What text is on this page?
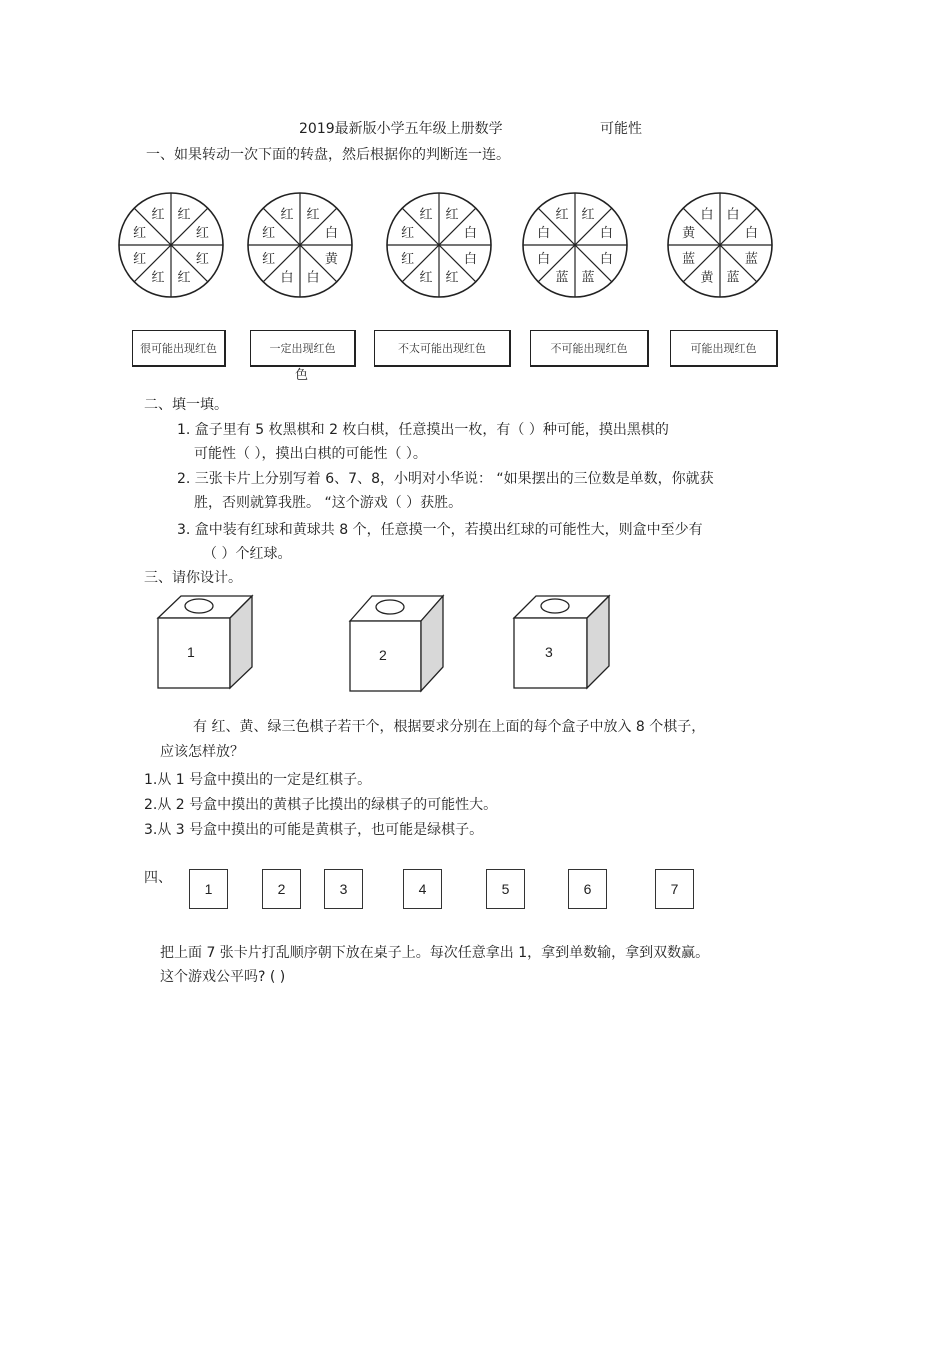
2019最新版小学五年级上册数学	可能性
一、如果转动一次下面的转盘，然后根据你的判断连一连。
红
红
红
红
红
红
红
红	红
白
黄
白
白
红
红
红	红
白
白
红
红
红
红
红	红
白
白
蓝
蓝
白
白
红	白
白
蓝
蓝
黄
蓝
黄
白
很可能出现红色	一定出现红色	不太可能出现红色	不可能出现红色	可能出现红色
色
二、填一填。
1. 盒子里有 5 枚黑棋和 2 枚白棋，任意摸出一枚，有（ ）种可能，摸出黑棋的
可能性（ ），摸出白棋的可能性（ ）。
2. 三张卡片上分别写着 6、7、8，小明对小华说： “如果摆出的三位数是单数，你就获
胜，否则就算我胜。 “这个游戏（ ）获胜。
3. 盒中装有红球和黄球共 8 个，任意摸一个，若摸出红球的可能性大，则盒中至少有
（ ）个红球。
三、请你设计。
1	2	3
有 红、黄、绿三色棋子若干个，根据要求分别在上面的每个盒子中放入 8 个棋子，
应该怎样放？
1.从 1 号盒中摸出的一定是红棋子。
2.从 2 号盒中摸出的黄棋子比摸出的绿棋子的可能性大。
3.从 3 号盒中摸出的可能是黄棋子，也可能是绿棋子。
四、
1	2	3	4	5	6	7
把上面 7 张卡片打乱顺序朝下放在桌子上。每次任意拿出 1，拿到单数输，拿到双数赢。
这个游戏公平吗? ( )
